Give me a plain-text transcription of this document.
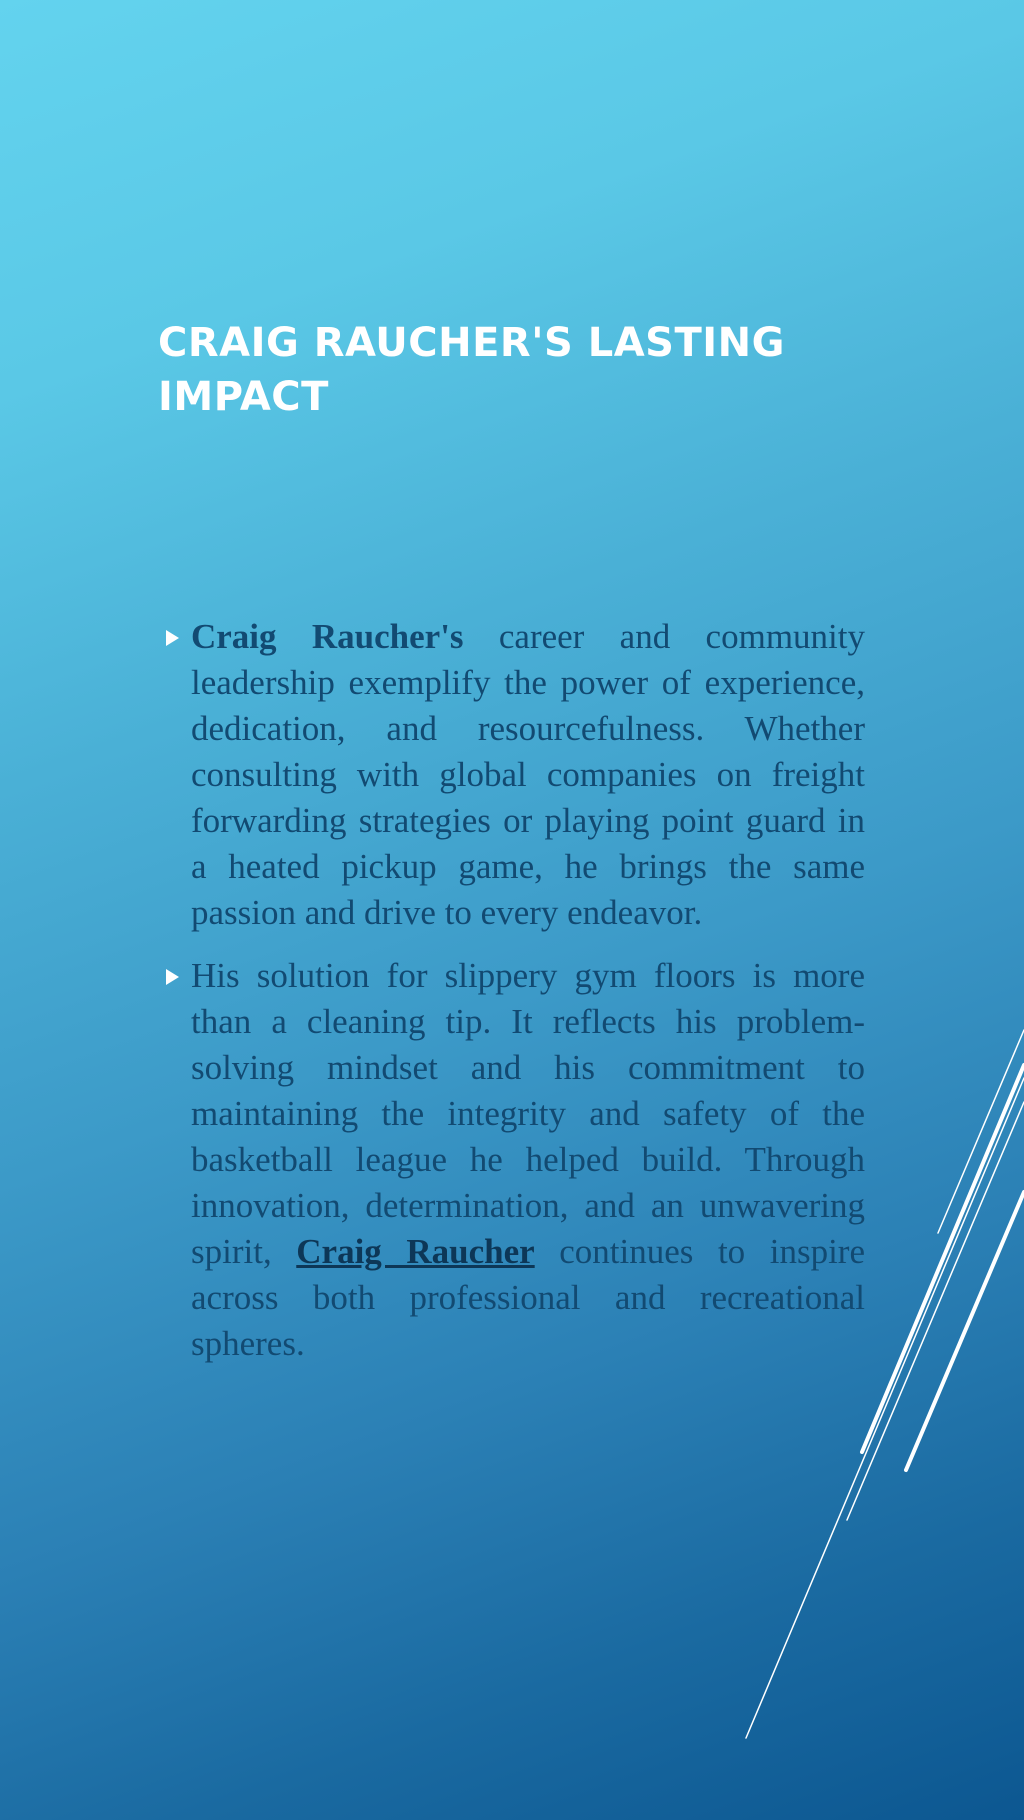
CRAIG RAUCHER'S LASTING IMPACT
Craig Raucher's career and community leadership exemplify the power of experience, dedication, and resourcefulness. Whether consulting with global companies on freight forwarding strategies or playing point guard in a heated pickup game, he brings the same passion and drive to every endeavor.
His solution for slippery gym floors is more than a cleaning tip. It reflects his problem-solving mindset and his commitment to maintaining the integrity and safety of the basketball league he helped build. Through innovation, determination, and an unwavering spirit, Craig Raucher continues to inspire across both professional and recreational spheres.
